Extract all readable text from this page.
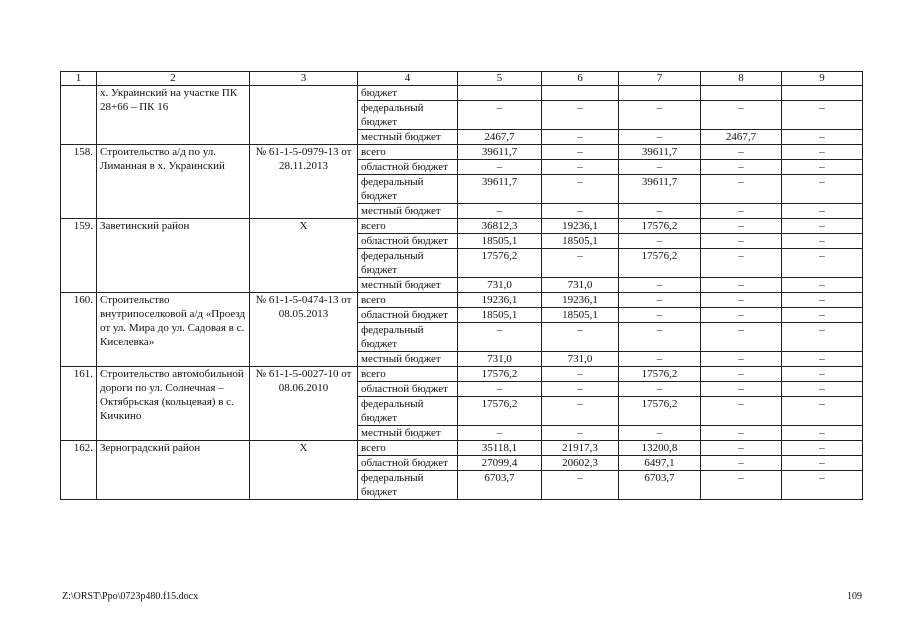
1	2	3	4	5	6	7	8	9
	х. Украинский на участке ПК 28+66 – ПК 16		бюджет					
			федеральный бюджет	–	–	–	–	–
			местный бюджет	2467,7	–	–	2467,7	–
158.	Строительство а/д по ул. Лиманная в х. Украинский	№ 61-1-5-0979-13 от 28.11.2013	всего	39611,7	–	39611,7	–	–
			областной бюджет	–	–	–	–	–
			федеральный бюджет	39611,7	–	39611,7	–	–
			местный бюджет	–	–	–	–	–
159.	Заветинский район	Х	всего	36812,3	19236,1	17576,2	–	–
			областной бюджет	18505,1	18505,1	–	–	–
			федеральный бюджет	17576,2	–	17576,2	–	–
			местный бюджет	731,0	731,0	–	–	–
160.	Строительство внутрипоселковой а/д «Проезд от ул. Мира до ул. Садовая в с. Киселевка»	№ 61-1-5-0474-13 от 08.05.2013	всего	19236,1	19236,1	–	–	–
			областной бюджет	18505,1	18505,1	–	–	–
			федеральный бюджет	–	–	–	–	–
			местный бюджет	731,0	731,0	–	–	–
161.	Строительство автомобильной дороги по ул. Солнечная – Октябрьская (кольцевая) в с. Кичкино	№ 61-1-5-0027-10 от 08.06.2010	всего	17576,2	–	17576,2	–	–
			областной бюджет	–	–	–	–	–
			федеральный бюджет	17576,2	–	17576,2	–	–
			местный бюджет	–	–	–	–	–
162.	Зерноградский район	Х	всего	35118,1	21917,3	13200,8	–	–
			областной бюджет	27099,4	20602,3	6497,1	–	–
			федеральный бюджет	6703,7	–	6703,7	–	–
Z:\ORST\Ppo\0723p480.f15.docx	109
